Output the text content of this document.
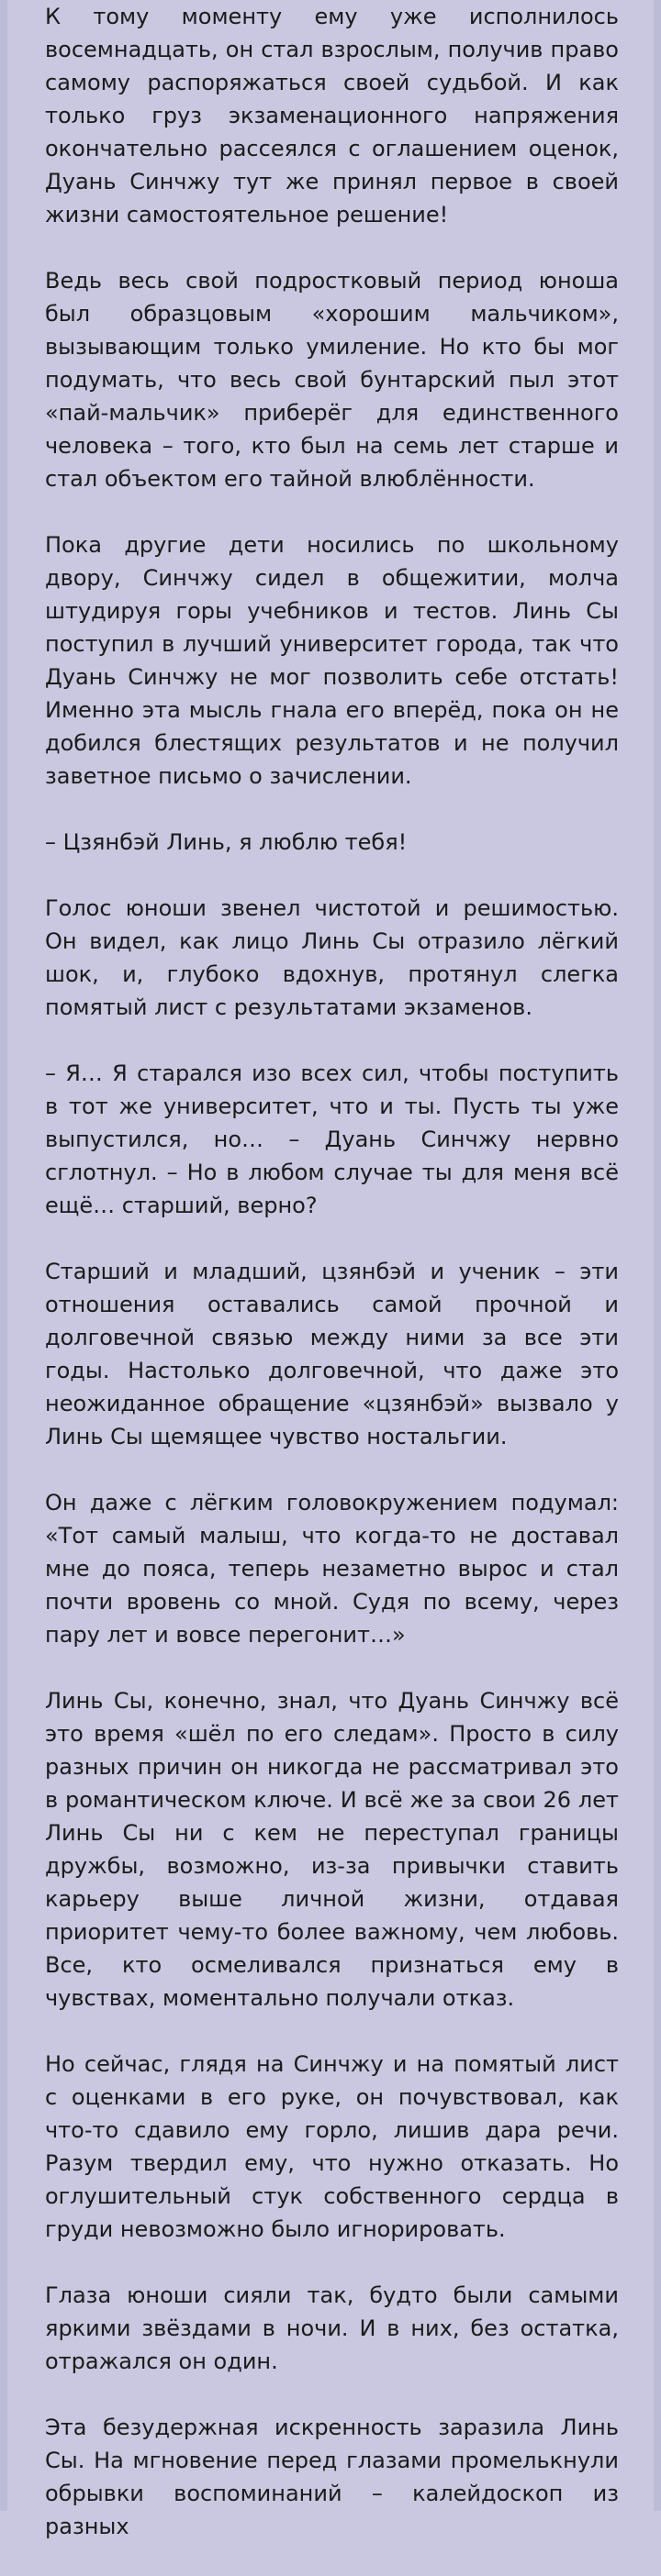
К тому моменту ему уже исполнилось восемнадцать, он стал взрослым, получив право самому распоряжаться своей судьбой. И как только груз экзаменационного напряжения окончательно рассеялся с оглашением оценок, Дуань Синчжу тут же принял первое в своей жизни самостоятельное решение!

Ведь весь свой подростковый период юноша был образцовым «хорошим мальчиком», вызывающим только умиление. Но кто бы мог подумать, что весь свой бунтарский пыл этот «пай-мальчик» приберёг для единственного человека – того, кто был на семь лет старше и стал объектом его тайной влюблённости.

Пока другие дети носились по школьному двору, Синчжу сидел в общежитии, молча штудируя горы учебников и тестов. Линь Сы поступил в лучший университет города, так что Дуань Синчжу не мог позволить себе отстать! Именно эта мысль гнала его вперёд, пока он не добился блестящих результатов и не получил заветное письмо о зачислении.

– Цзянбэй Линь, я люблю тебя!

Голос юноши звенел чистотой и решимостью. Он видел, как лицо Линь Сы отразило лёгкий шок, и, глубоко вдохнув, протянул слегка помятый лист с результатами экзаменов.

– Я… Я старался изо всех сил, чтобы поступить в тот же университет, что и ты. Пусть ты уже выпустился, но… – Дуань Синчжу нервно сглотнул. – Но в любом случае ты для меня всё ещё… старший, верно?

Старший и младший, цзянбэй и ученик – эти отношения оставались самой прочной и долговечной связью между ними за все эти годы. Настолько долговечной, что даже это неожиданное обращение «цзянбэй» вызвало у Линь Сы щемящее чувство ностальгии.

Он даже с лёгким головокружением подумал: «Тот самый малыш, что когда-то не доставал мне до пояса, теперь незаметно вырос и стал почти вровень со мной. Судя по всему, через пару лет и вовсе перегонит…»

Линь Сы, конечно, знал, что Дуань Синчжу всё это время «шёл по его следам». Просто в силу разных причин он никогда не рассматривал это в романтическом ключе. И всё же за свои 26 лет Линь Сы ни с кем не переступал границы дружбы, возможно, из-за привычки ставить карьеру выше личной жизни, отдавая приоритет чему-то более важному, чем любовь. Все, кто осмеливался признаться ему в чувствах, моментально получали отказ.

Но сейчас, глядя на Синчжу и на помятый лист с оценками в его руке, он почувствовал, как что-то сдавило ему горло, лишив дара речи. Разум твердил ему, что нужно отказать. Но оглушительный стук собственного сердца в груди невозможно было игнорировать.

Глаза юноши сияли так, будто были самыми яркими звёздами в ночи. И в них, без остатка, отражался он один.

Эта безудержная искренность заразила Линь Сы. На мгновение перед глазами промелькнули обрывки воспоминаний – калейдоскоп из разных
